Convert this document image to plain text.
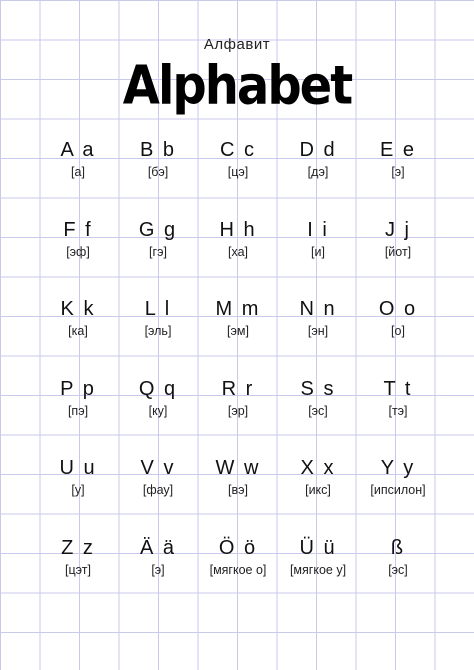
Алфавит
Alphabet
A a
[а]
B b
[бэ]
C c
[цэ]
D d
[дэ]
E e
[э]
F f
[эф]
G g
[гэ]
H h
[ха]
I i
[и]
J j
[йот]
K k
[ка]
L l
[эль]
M m
[эм]
N n
[эн]
O o
[о]
P p
[пэ]
Q q
[ку]
R r
[эр]
S s
[эс]
T t
[тэ]
U u
[у]
V v
[фау]
W w
[вэ]
X x
[икс]
Y y
[ипсилон]
Z z
[цэт]
Ä ä
[э]
Ö ö
[мягкое о]
Ü ü
[мягкое у]
ß
[эс]
